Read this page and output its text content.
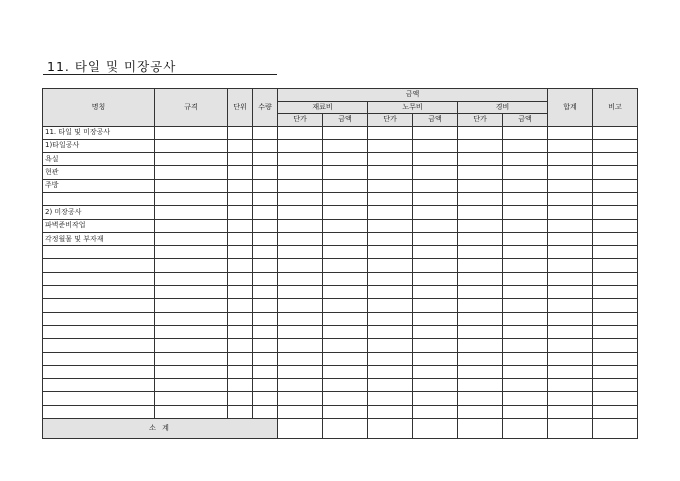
11. 타일 및 미장공사
명칭	규격	단위	수량	금액						합계	비고
				재료비		노무비		경비			
				단가	금액	단가	금액	단가	금액		
11. 타일 및 미장공사											
1)타일공사											
욕실											
현관											
주방											

2) 미장공사											
파벽준비작업											
각정월물 및 부자재											

소 계											
